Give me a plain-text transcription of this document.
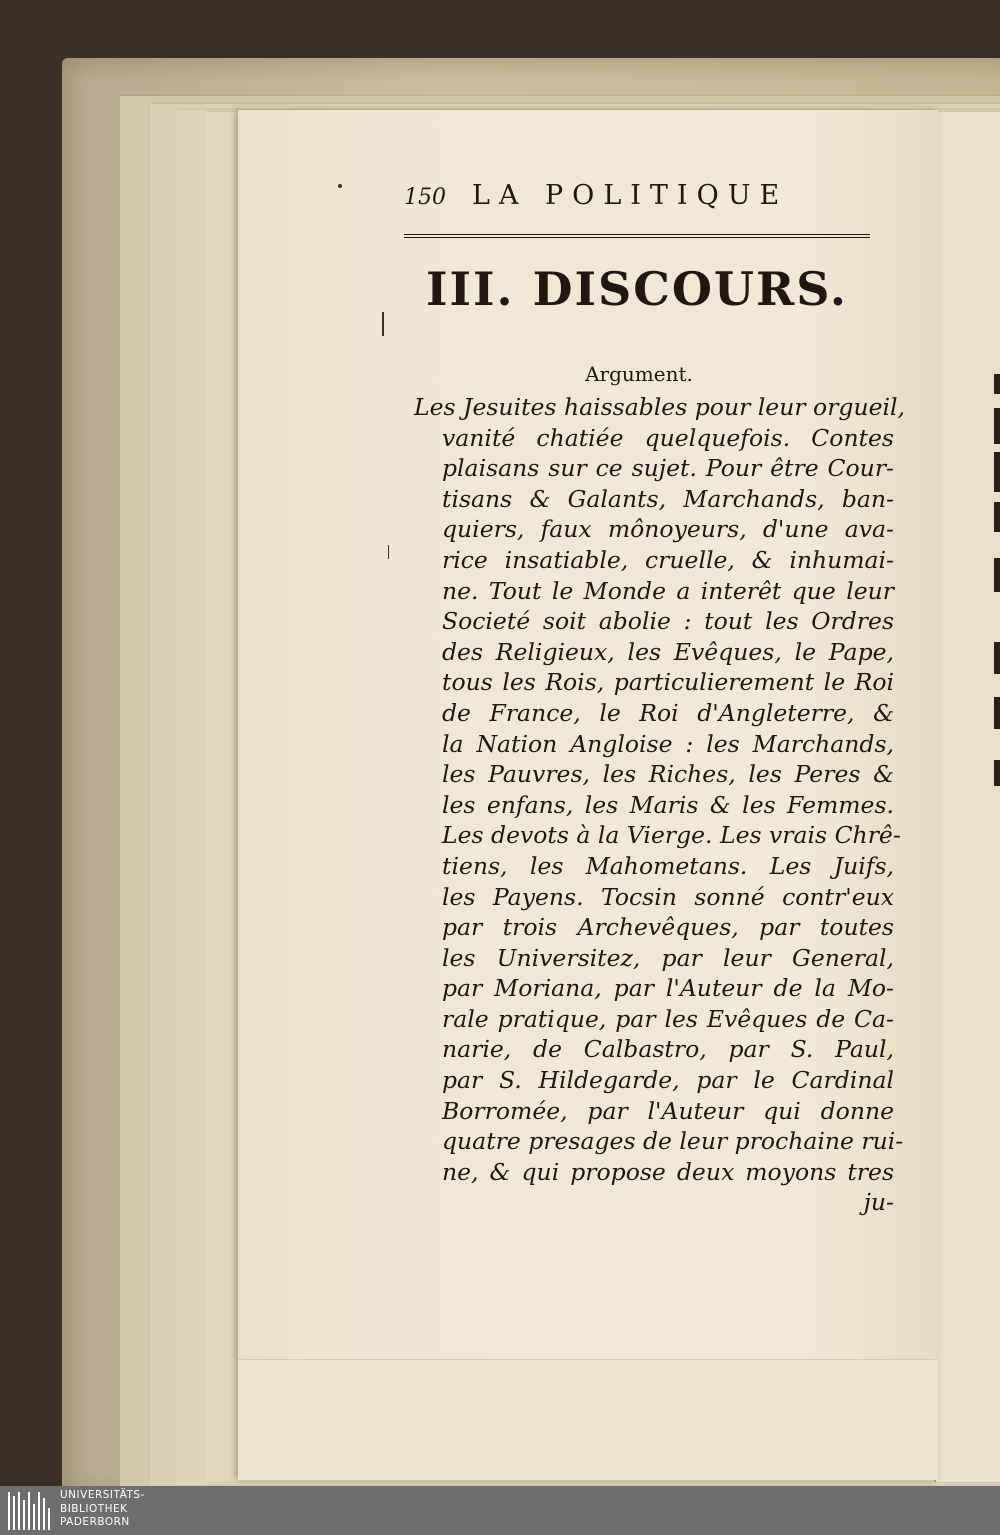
150 LA POLITIQUE
III. DISCOURS.
Argument.
Les Jesuites haissables pour leur orgueil,
vanité chatiée quelquefois. Contes
plaisans sur ce sujet. Pour être Cour-
tisans & Galants, Marchands, ban-
quiers, faux mônoyeurs, d'une ava-
rice insatiable, cruelle, & inhumai-
ne. Tout le Monde a interêt que leur
Societé soit abolie : tout les Ordres
des Religieux, les Evêques, le Pape,
tous les Rois, particulierement le Roi
de France, le Roi d'Angleterre, &
la Nation Angloise : les Marchands,
les Pauvres, les Riches, les Peres &
les enfans, les Maris & les Femmes.
Les devots à la Vierge. Les vrais Chrê-
tiens, les Mahometans. Les Juifs,
les Payens. Tocsin sonné contr'eux
par trois Archevêques, par toutes
les Universitez, par leur General,
par Moriana, par l'Auteur de la Mo-
rale pratique, par les Evêques de Ca-
narie, de Calbastro, par S. Paul,
par S. Hildegarde, par le Cardinal
Borromée, par l'Auteur qui donne
quatre presages de leur prochaine rui-
ne, & qui propose deux moyons tres
ju-
UNIVERSITÄTS-
BIBLIOTHEK
PADERBORN
